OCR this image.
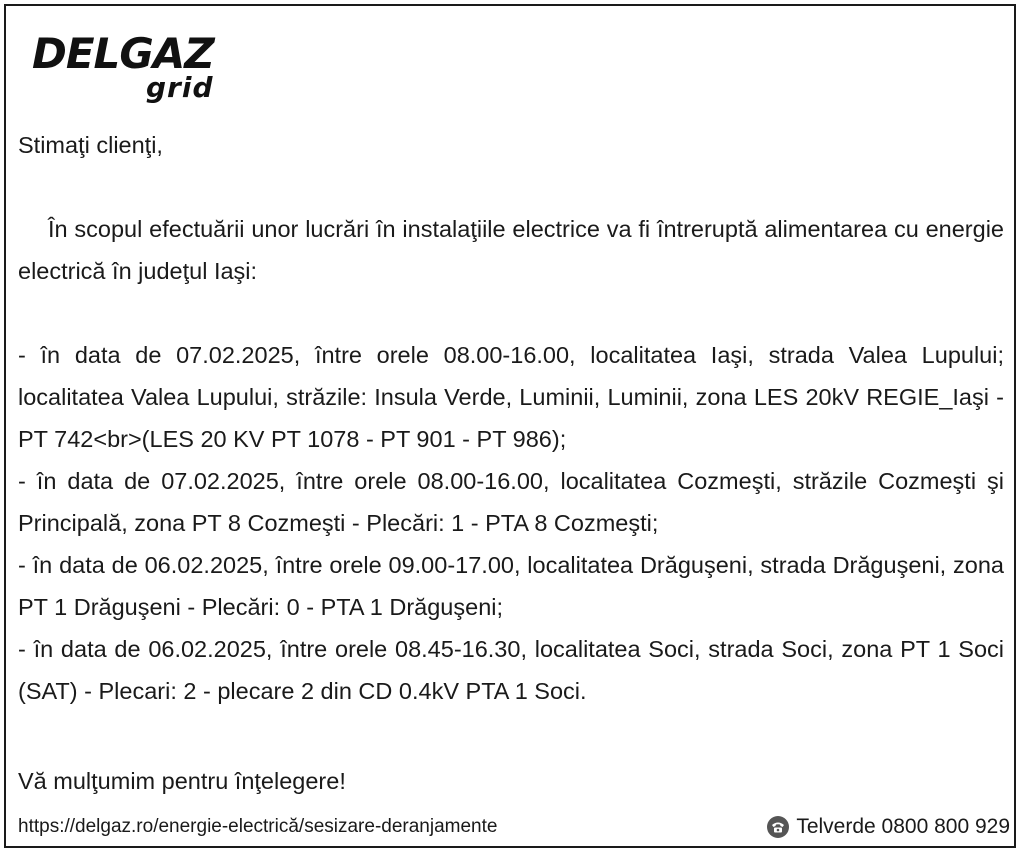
DELGAZ
grid
Stimaţi clienţi,
În scopul efectuării unor lucrări în instalaţiile electrice va fi întreruptă alimentarea cu energie electrică în judeţul Iaşi:

- în data de 07.02.2025, între orele 08.00-16.00, localitatea Iaşi, strada Valea Lupului; localitatea Valea Lupului, străzile: Insula Verde, Luminii, Luminii, zona LES 20kV REGIE_Iaşi - PT 742<br>(LES 20 KV PT 1078 - PT 901 - PT 986);

- în data de 07.02.2025, între orele 08.00-16.00, localitatea Cozmeşti, străzile Cozmeşti şi Principală, zona PT 8 Cozmeşti - Plecări: 1 - PTA 8 Cozmeşti;

- în data de 06.02.2025, între orele 09.00-17.00, localitatea Drăguşeni, strada Drăguşeni, zona PT 1 Drăguşeni - Plecări: 0 - PTA 1 Drăguşeni;

- în data de 06.02.2025, între orele 08.45-16.30, localitatea Soci, strada Soci, zona PT 1 Soci (SAT) - Plecari: 2 - plecare 2 din CD 0.4kV PTA 1 Soci.

Vă mulţumim pentru înţelegere!
https://delgaz.ro/energie-electrică/sesizare-deranjamente	Telverde 0800 800 929
